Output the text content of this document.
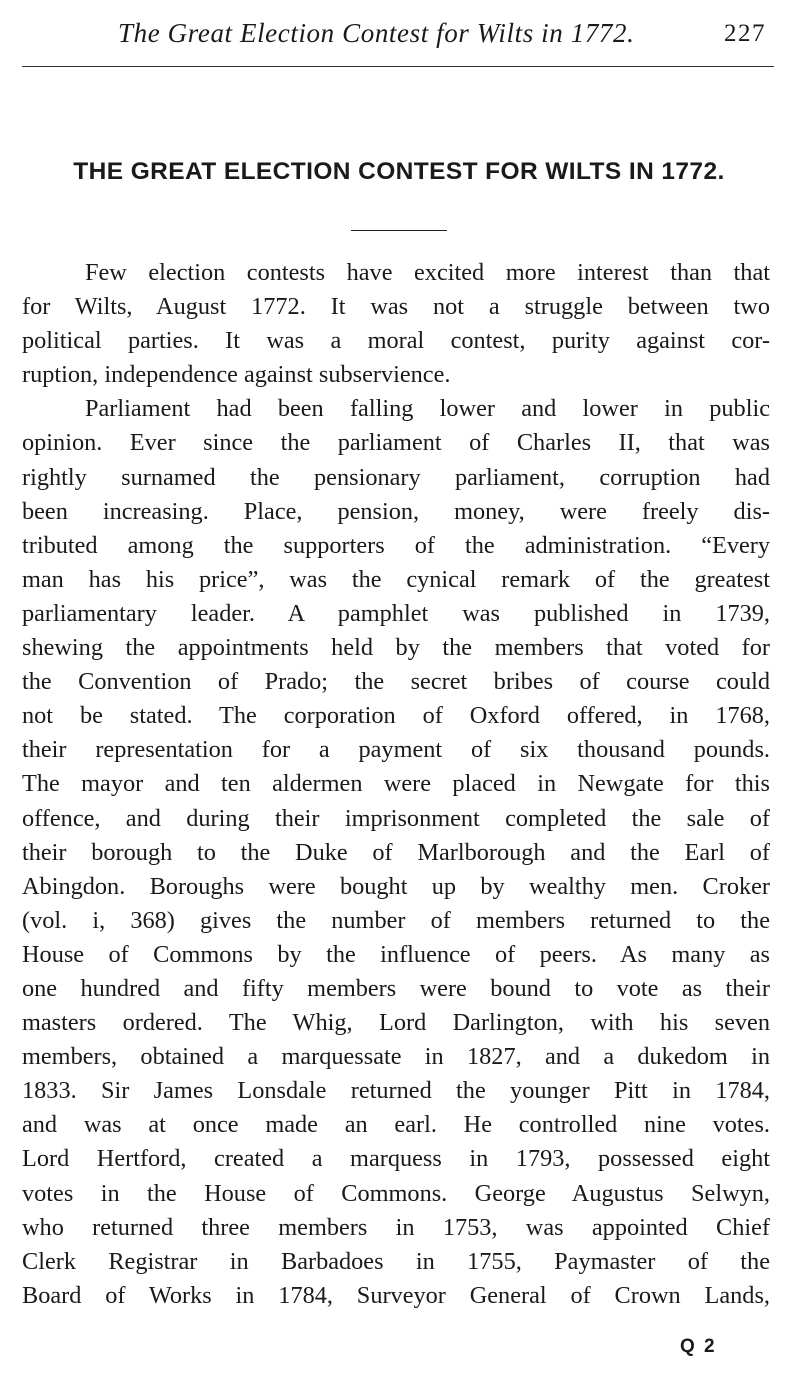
The Great Election Contest for Wilts in 1772.	227
THE GREAT ELECTION CONTEST FOR WILTS IN 1772.
Few election contests have excited more interest than that
for Wilts, August 1772. It was not a struggle between two
political parties. It was a moral contest, purity against cor-
ruption, independence against subservience.
Parliament had been falling lower and lower in public
opinion. Ever since the parliament of Charles II, that was
rightly surnamed the pensionary parliament, corruption had
been increasing. Place, pension, money, were freely dis-
tributed among the supporters of the administration. “Every
man has his price”, was the cynical remark of the greatest
parliamentary leader. A pamphlet was published in 1739,
shewing the appointments held by the members that voted for
the Convention of Prado; the secret bribes of course could
not be stated. The corporation of Oxford offered, in 1768,
their representation for a payment of six thousand pounds.
The mayor and ten aldermen were placed in Newgate for this
offence, and during their imprisonment completed the sale of
their borough to the Duke of Marlborough and the Earl of
Abingdon. Boroughs were bought up by wealthy men. Croker
(vol. i, 368) gives the number of members returned to the
House of Commons by the influence of peers. As many as
one hundred and fifty members were bound to vote as their
masters ordered. The Whig, Lord Darlington, with his seven
members, obtained a marquessate in 1827, and a dukedom in
1833. Sir James Lonsdale returned the younger Pitt in 1784,
and was at once made an earl. He controlled nine votes.
Lord Hertford, created a marquess in 1793, possessed eight
votes in the House of Commons. George Augustus Selwyn,
who returned three members in 1753, was appointed Chief
Clerk Registrar in Barbadoes in 1755, Paymaster of the
Board of Works in 1784, Surveyor General of Crown Lands,
Q 2
